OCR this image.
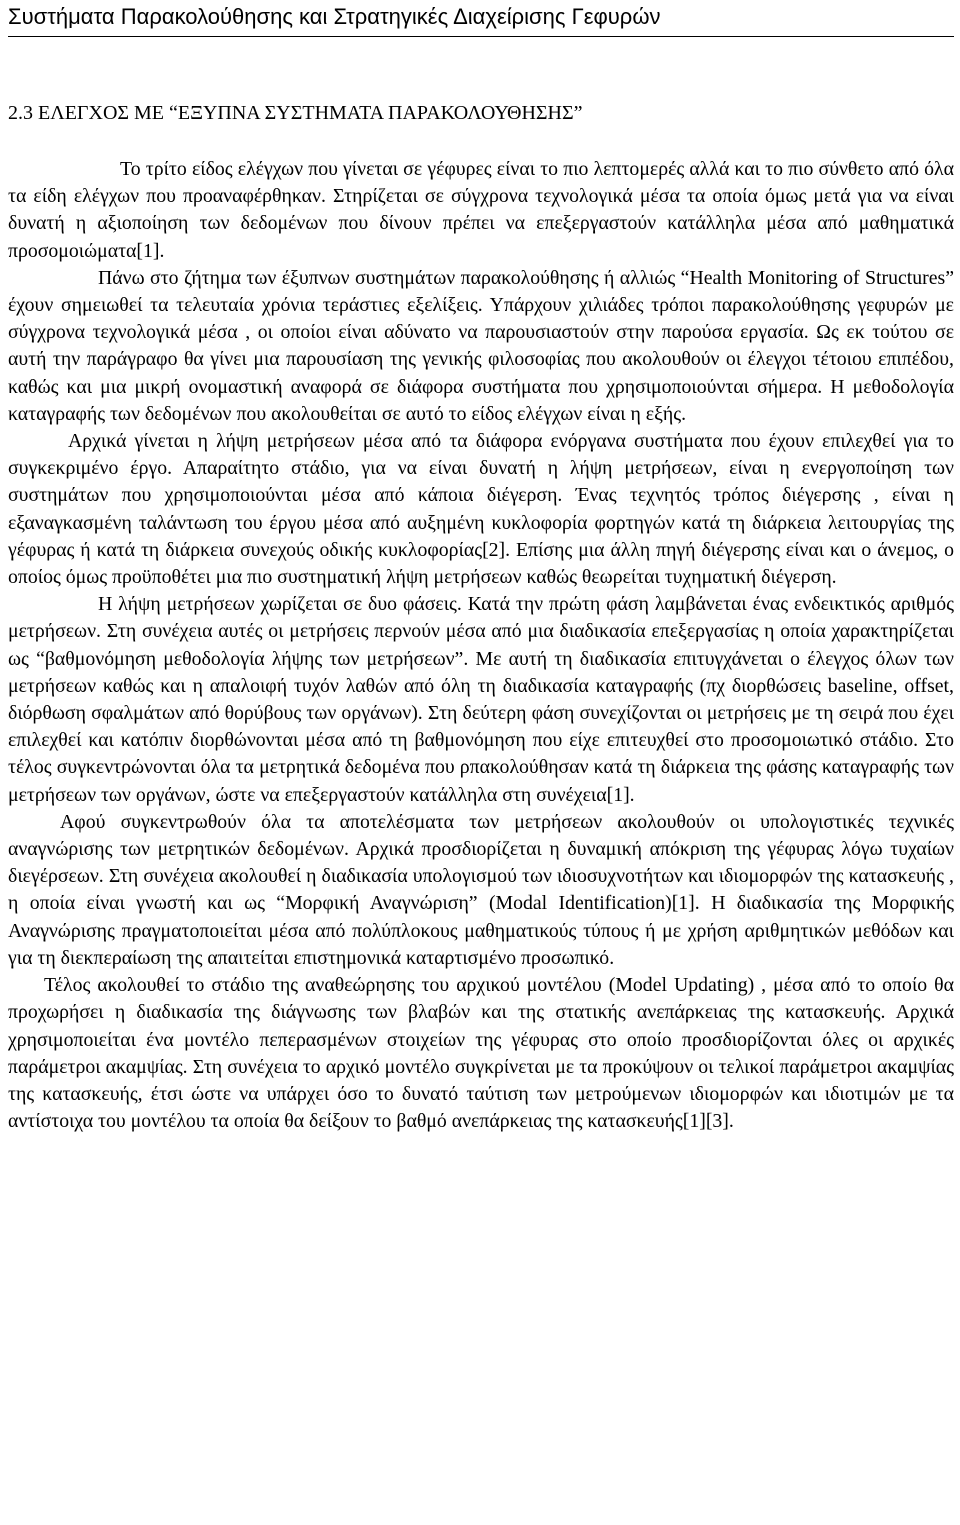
Συστήματα Παρακολούθησης και Στρατηγικές Διαχείρισης Γεφυρών
2.3 ΕΛΕΓΧΟΣ ΜΕ “ΕΞΥΠΝΑ ΣΥΣΤΗΜΑΤΑ ΠΑΡΑΚΟΛΟΥΘΗΣΗΣ”

Το τρίτο είδος ελέγχων που γίνεται σε γέφυρες είναι το πιο λεπτομερές αλλά και το πιο σύνθετο από όλα τα είδη ελέγχων που προαναφέρθηκαν. Στηρίζεται σε σύγχρονα τεχνολογικά μέσα τα οποία όμως μετά για να είναι δυνατή η αξιοποίηση των δεδομένων που δίνουν πρέπει να επεξεργαστούν κατάλληλα μέσα από μαθηματικά προσομοιώματα[1].

Πάνω στο ζήτημα των έξυπνων συστημάτων παρακολούθησης ή αλλιώς “Health Monitoring of Structures” έχουν σημειωθεί τα τελευταία χρόνια τεράστιες εξελίξεις. Υπάρχουν χιλιάδες τρόποι παρακολούθησης γεφυρών με σύγχρονα τεχνολογικά μέσα , οι οποίοι είναι αδύνατο να παρουσιαστούν στην παρούσα εργασία. Ως εκ τούτου σε αυτή την παράγραφο θα γίνει μια παρουσίαση της γενικής φιλοσοφίας που ακολουθούν οι έλεγχοι τέτοιου επιπέδου, καθώς και μια μικρή ονομαστική αναφορά σε διάφορα συστήματα που χρησιμοποιούνται σήμερα. Η μεθοδολογία καταγραφής των δεδομένων που ακολουθείται σε αυτό το είδος ελέγχων είναι η εξής.

Αρχικά γίνεται η λήψη μετρήσεων μέσα από τα διάφορα ενόργανα συστήματα που έχουν επιλεχθεί για το συγκεκριμένο έργο. Απαραίτητο στάδιο, για να είναι δυνατή η λήψη μετρήσεων, είναι η ενεργοποίηση των συστημάτων που χρησιμοποιούνται μέσα από κάποια διέγερση. Ένας τεχνητός τρόπος διέγερσης , είναι η εξαναγκασμένη ταλάντωση του έργου μέσα από αυξημένη κυκλοφορία φορτηγών κατά τη διάρκεια λειτουργίας της γέφυρας ή κατά τη διάρκεια συνεχούς οδικής κυκλοφορίας[2]. Επίσης μια άλλη πηγή διέγερσης είναι και ο άνεμος, ο οποίος όμως προϋποθέτει μια πιο συστηματική λήψη μετρήσεων καθώς θεωρείται τυχηματική διέγερση.

Η λήψη μετρήσεων χωρίζεται σε δυο φάσεις. Κατά την πρώτη φάση λαμβάνεται ένας ενδεικτικός αριθμός μετρήσεων. Στη συνέχεια αυτές οι μετρήσεις περνούν μέσα από μια διαδικασία επεξεργασίας η οποία χαρακτηρίζεται ως “βαθμονόμηση μεθοδολογία λήψης των μετρήσεων”. Με αυτή τη διαδικασία επιτυγχάνεται ο έλεγχος όλων των μετρήσεων καθώς και η απαλοιφή τυχόν λαθών από όλη τη διαδικασία καταγραφής (πχ διορθώσεις baseline, offset, διόρθωση σφαλμάτων από θορύβους των οργάνων). Στη δεύτερη φάση συνεχίζονται οι μετρήσεις με τη σειρά που έχει επιλεχθεί και κατόπιν διορθώνονται μέσα από τη βαθμονόμηση που είχε επιτευχθεί στο προσομοιωτικό στάδιο. Στο τέλος συγκεντρώνονται όλα τα μετρητικά δεδομένα που ρπακολούθησαν κατά τη διάρκεια της φάσης καταγραφής των μετρήσεων των οργάνων, ώστε να επεξεργαστούν κατάλληλα στη συνέχεια[1].

Αφού συγκεντρωθούν όλα τα αποτελέσματα των μετρήσεων ακολουθούν οι υπολογιστικές τεχνικές αναγνώρισης των μετρητικών δεδομένων. Αρχικά προσδιορίζεται η δυναμική απόκριση της γέφυρας λόγω τυχαίων διεγέρσεων. Στη συνέχεια ακολουθεί η διαδικασία υπολογισμού των ιδιοσυχνοτήτων και ιδιομορφών της κατασκευής , η οποία είναι γνωστή και ως “Μορφική Αναγνώριση” (Modal Identification)[1]. Η διαδικασία της Μορφικής Αναγνώρισης πραγματοποιείται μέσα από πολύπλοκους μαθηματικούς τύπους ή με χρήση αριθμητικών μεθόδων και για τη διεκπεραίωση της απαιτείται επιστημονικά καταρτισμένο προσωπικό.

Τέλος ακολουθεί το στάδιο της αναθεώρησης του αρχικού μοντέλου (Model Updating) , μέσα από το οποίο θα προχωρήσει η διαδικασία της διάγνωσης των βλαβών και της στατικής ανεπάρκειας της κατασκευής. Αρχικά χρησιμοποιείται ένα μοντέλο πεπερασμένων στοιχείων της γέφυρας στο οποίο προσδιορίζονται όλες οι αρχικές παράμετροι ακαμψίας. Στη συνέχεια το αρχικό μοντέλο συγκρίνεται με τα προκύψουν οι τελικοί παράμετροι ακαμψίας της κατασκευής, έτσι ώστε να υπάρχει όσο το δυνατό ταύτιση των μετρούμενων ιδιομορφών και ιδιοτιμών με τα αντίστοιχα του μοντέλου τα οποία θα δείξουν το βαθμό ανεπάρκειας της κατασκευής[1][3].
